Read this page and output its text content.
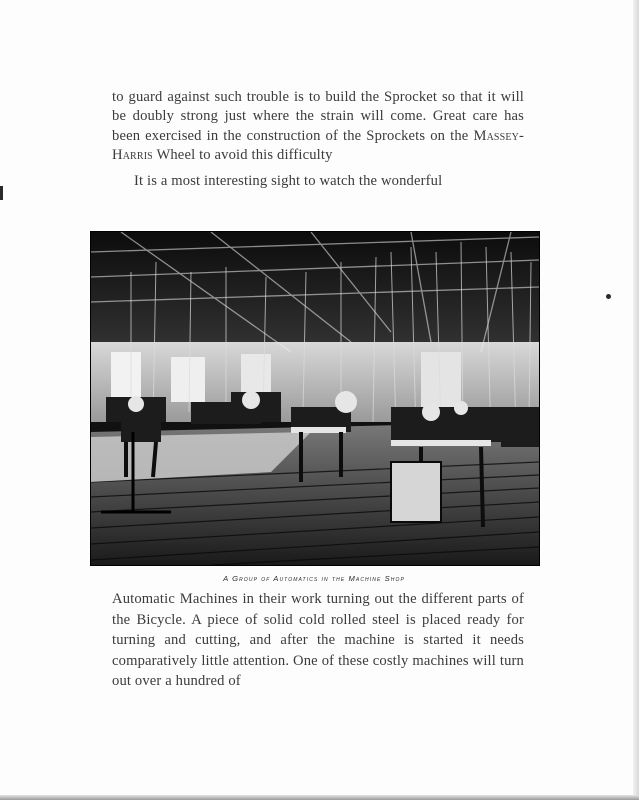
to guard against such trouble is to build the Sprocket so that it will be doubly strong just where the strain will come. Great care has been exercised in the construction of the Sprockets on the Massey-Harris Wheel to avoid this difficulty

It is a most interesting sight to watch the wonderful

A Group of Automatics in the Machine Shop

Automatic Machines in their work turning out the different parts of the Bicycle. A piece of solid cold rolled steel is placed ready for turning and cutting, and after the machine is started it needs comparatively little attention. One of these costly machines will turn out over a hundred of
